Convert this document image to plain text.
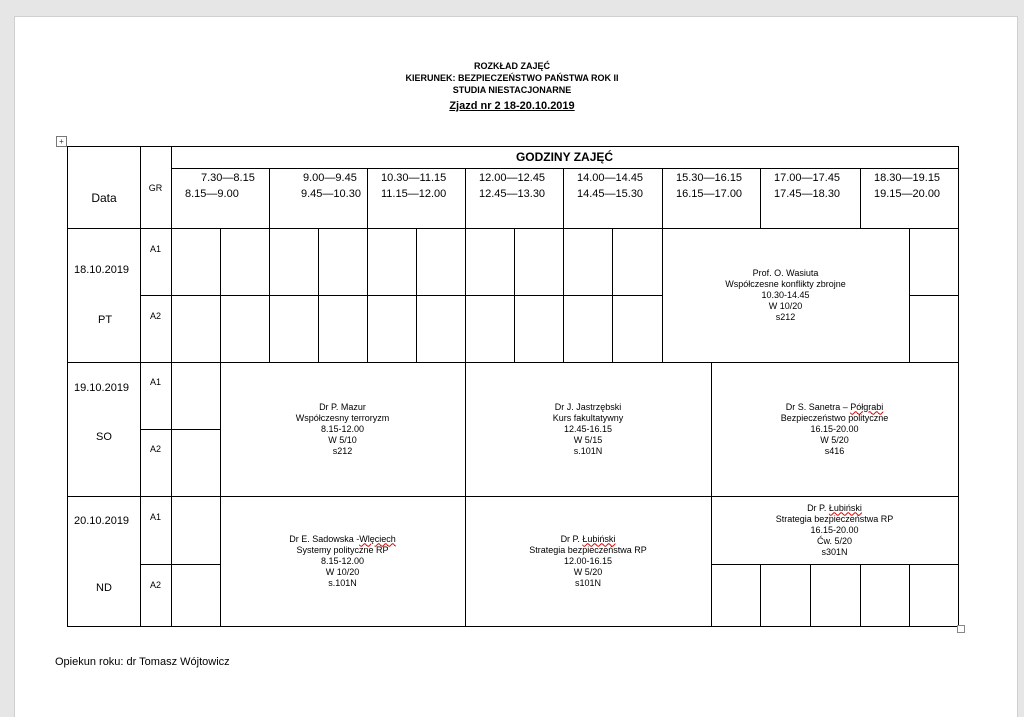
ROZKŁAD ZAJĘĆ
KIERUNEK: BEZPIECZEŃSTWO PAŃSTWA ROK II
STUDIA NIESTACJONARNE
Zjazd nr 2 18-20.10.2019
+
Data
GR
GODZINY ZAJĘĆ
7.30—8.15
8.15—9.00
9.00—9.45
9.45—10.30
10.30—11.15
11.15—12.00
12.00—12.45
12.45—13.30
14.00—14.45
14.45—15.30
15.30—16.15
16.15—17.00
17.00—17.45
17.45—18.30
18.30—19.15
19.15—20.00
18.10.2019
PT
19.10.2019
SO
20.10.2019
ND
A1
A2
A1
A2
A1
A2
Prof. O. Wasiuta
Współczesne konflikty zbrojne
10.30-14.45
W 10/20
s212
Dr P. Mazur
Współczesny terroryzm
8.15-12.00
W 5/10
s212
Dr J. Jastrzębski
Kurs fakultatywny
12.45-16.15
W 5/15
s.101N
Dr S. Sanetra – Półgrabi
Bezpieczeństwo polityczne
16.15-20.00
W 5/20
s416
Dr E. Sadowska -Wlęciech
Systemy polityczne RP
8.15-12.00
W 10/20
s.101N
Dr P. Łubiński
Strategia bezpieczeństwa RP
12.00-16.15
W 5/20
s101N
Dr P. Łubiński
Strategia bezpieczeństwa RP
16.15-20.00
Ćw. 5/20
s301N
Opiekun roku: dr Tomasz Wójtowicz
